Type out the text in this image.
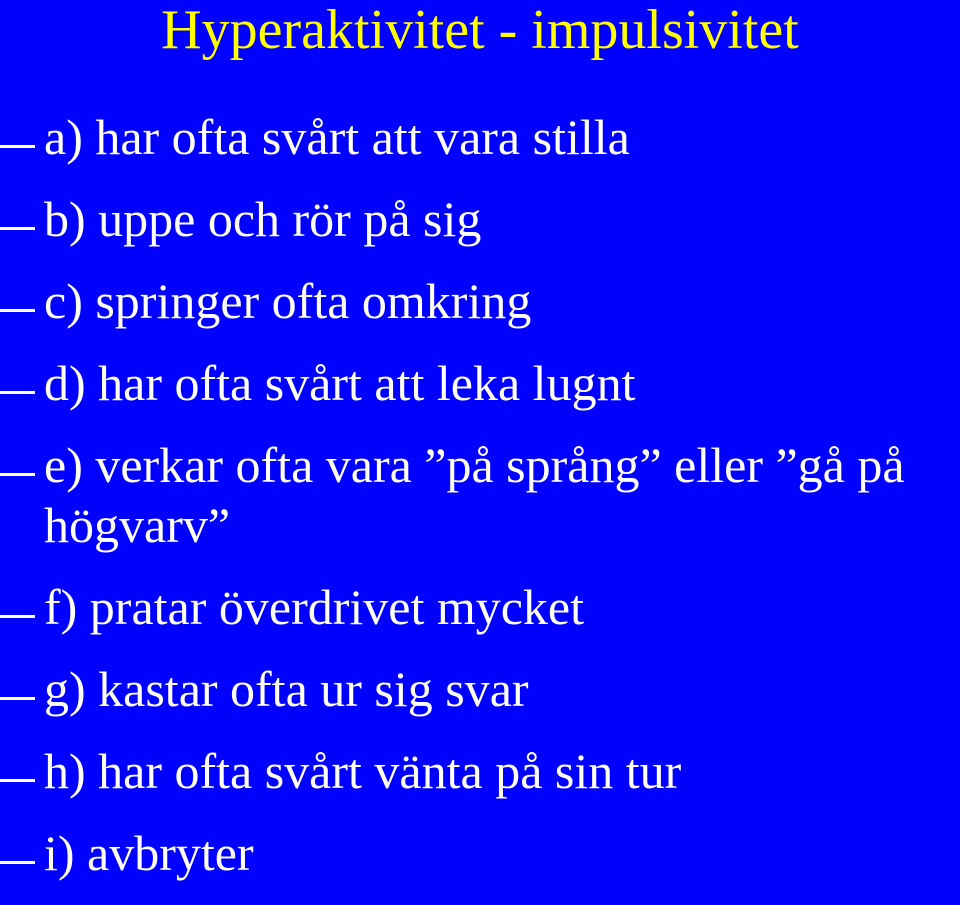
Hyperaktivitet - impulsivitet
a) har ofta svårt att vara stilla
b) uppe och rör på sig
c) springer ofta omkring
d) har ofta svårt att leka lugnt
e) verkar ofta vara ”på språng” eller ”gå på högvarv”
f) pratar överdrivet mycket
g) kastar ofta ur sig svar
h) har ofta svårt vänta på sin tur
i) avbryter
